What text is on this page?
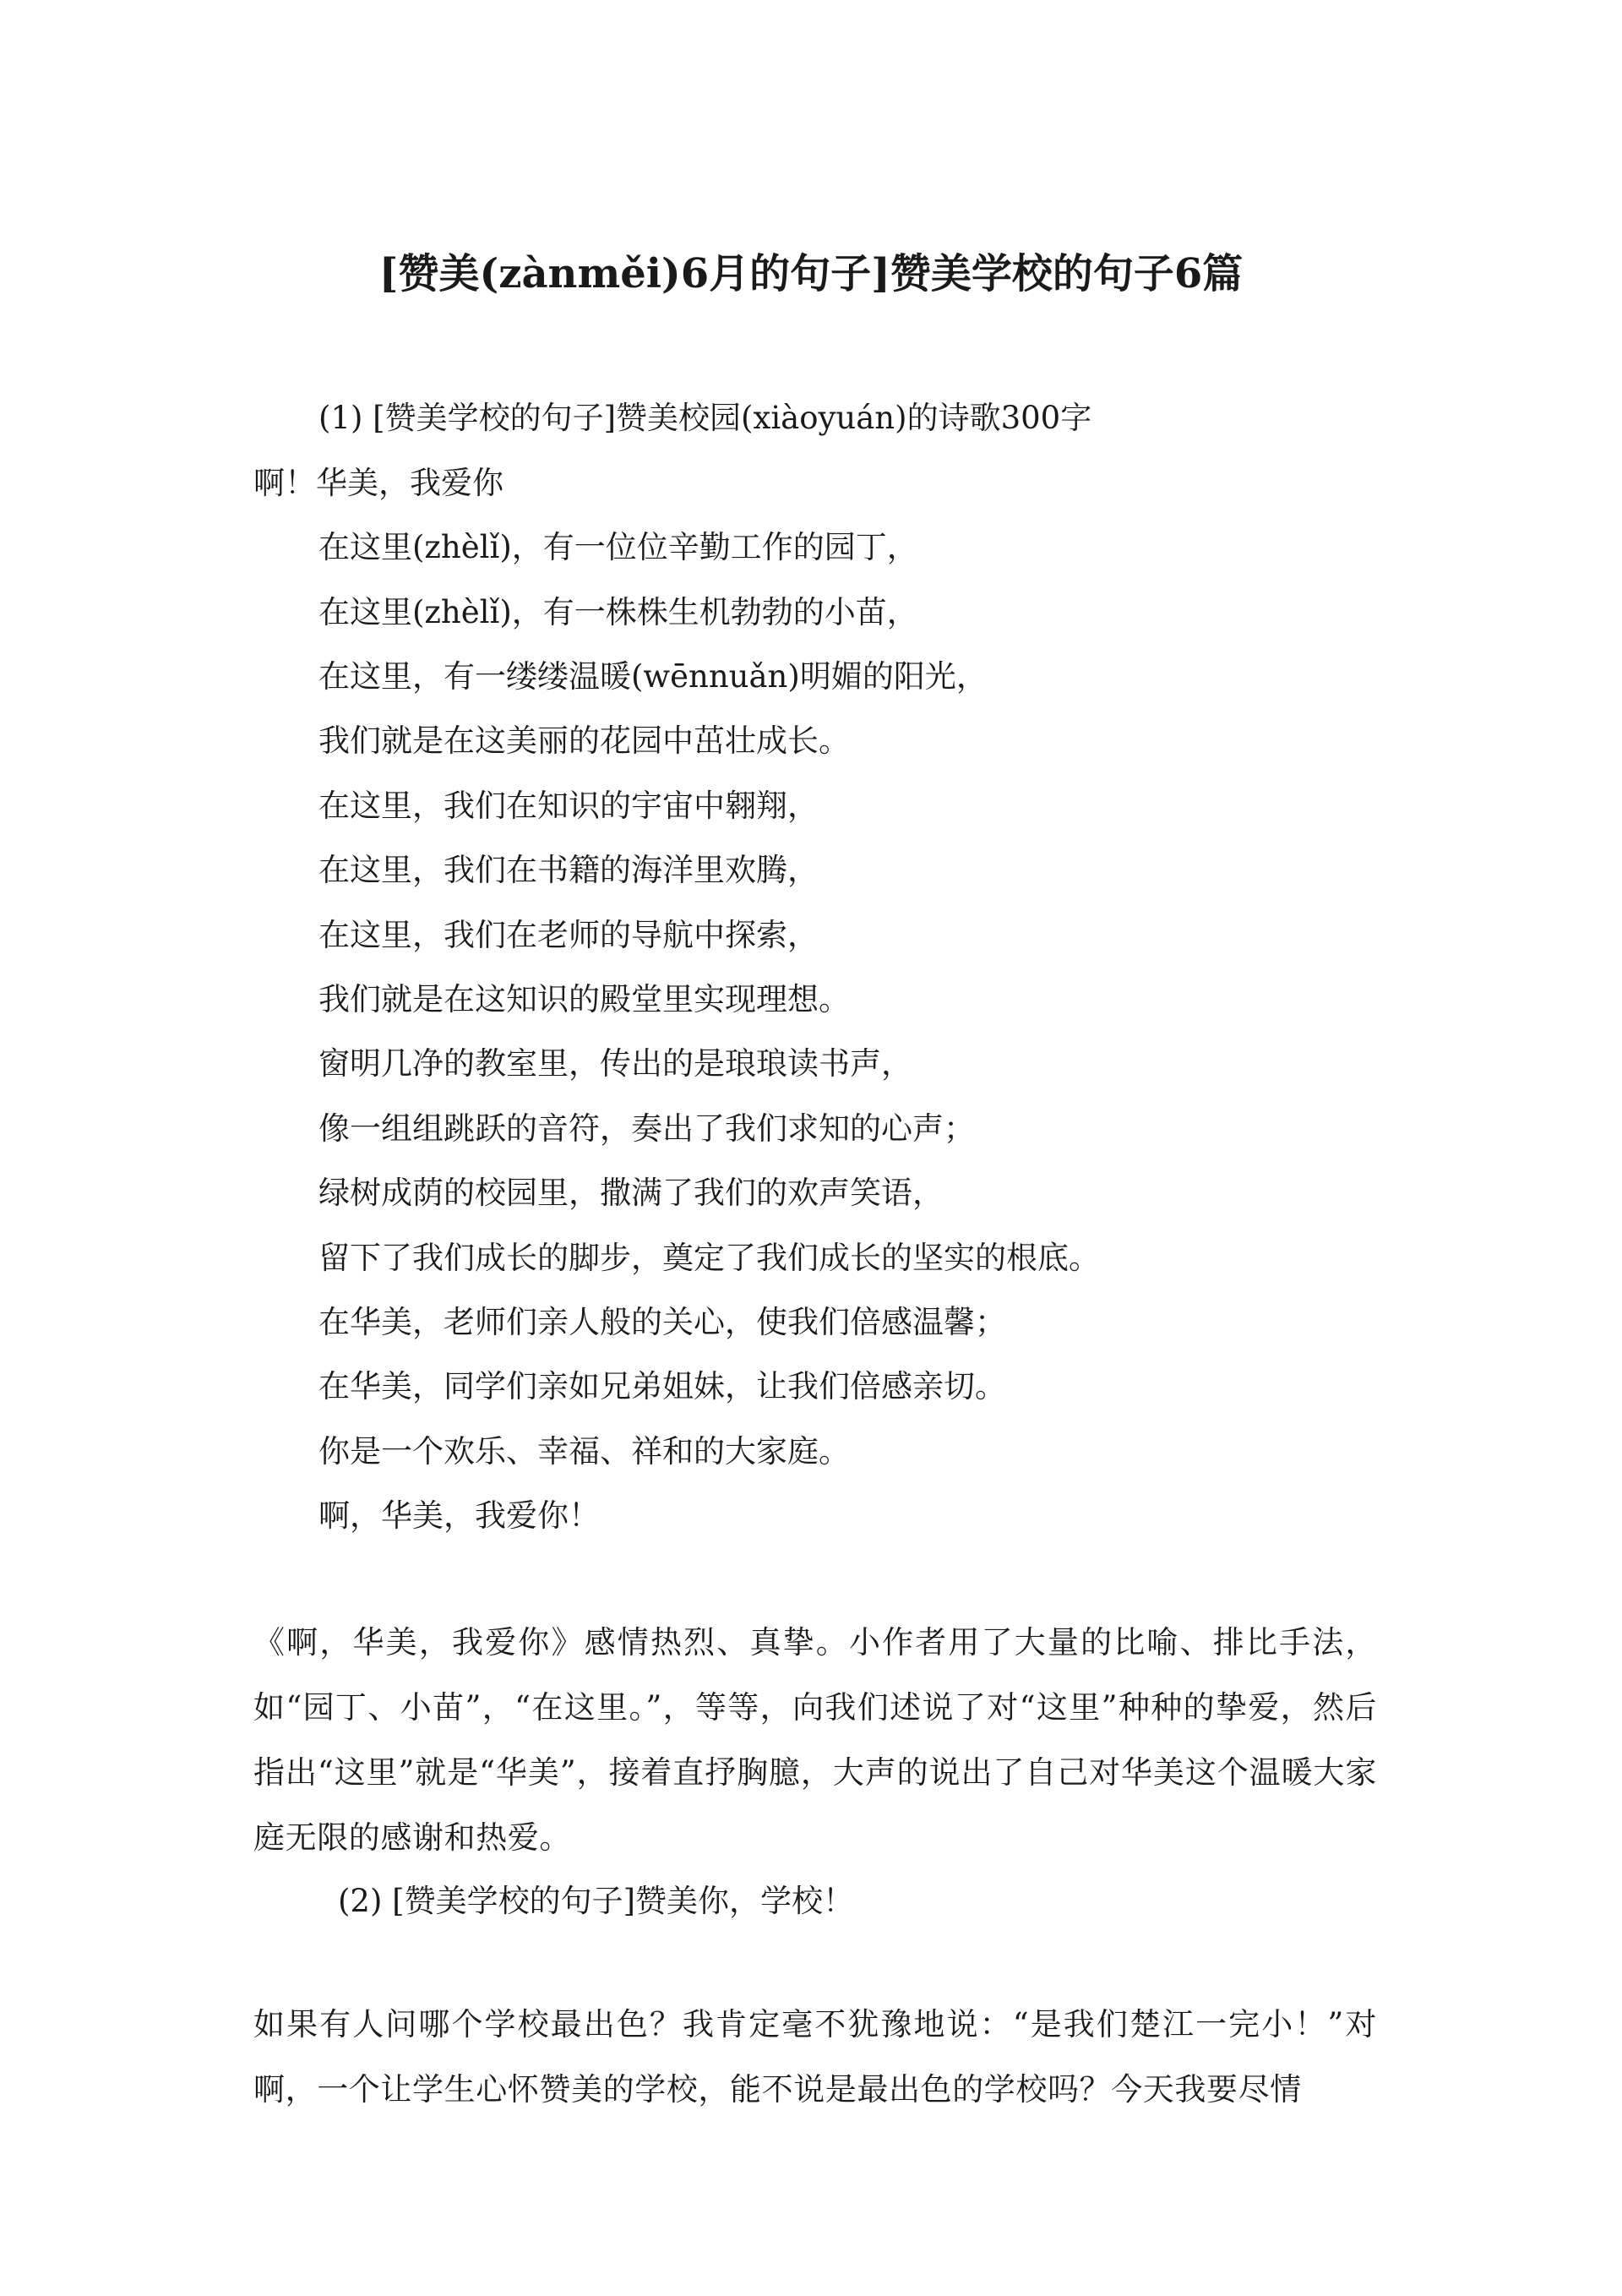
[赞美(zànměi)6月的句子]赞美学校的句子6篇
(1) [赞美学校的句子]赞美校园(xiàoyuán)的诗歌300字
啊！华美，我爱你
在这里(zhèlǐ)，有一位位辛勤工作的园丁，
在这里(zhèlǐ)，有一株株生机勃勃的小苗，
在这里，有一缕缕温暖(wēnnuǎn)明媚的阳光，
我们就是在这美丽的花园中茁壮成长。
在这里，我们在知识的宇宙中翱翔，
在这里，我们在书籍的海洋里欢腾，
在这里，我们在老师的导航中探索，
我们就是在这知识的殿堂里实现理想。
窗明几净的教室里，传出的是琅琅读书声，
像一组组跳跃的音符，奏出了我们求知的心声；
绿树成荫的校园里，撒满了我们的欢声笑语，
留下了我们成长的脚步，奠定了我们成长的坚实的根底。
在华美，老师们亲人般的关心，使我们倍感温馨；
在华美，同学们亲如兄弟姐妹，让我们倍感亲切。
你是一个欢乐、幸福、祥和的大家庭。
啊，华美，我爱你！
《啊，华美，我爱你》感情热烈、真挚。小作者用了大量的比喻、排比手法，如“园丁、小苗”，“在这里。”，等等，向我们述说了对“这里”种种的挚爱，然后指出“这里”就是“华美”，接着直抒胸臆，大声的说出了自己对华美这个温暖大家庭无限的感谢和热爱。
(2) [赞美学校的句子]赞美你，学校！
如果有人问哪个学校最出色？我肯定毫不犹豫地说：“是我们楚江一完小！”对啊，一个让学生心怀赞美的学校，能不说是最出色的学校吗？今天我要尽情
